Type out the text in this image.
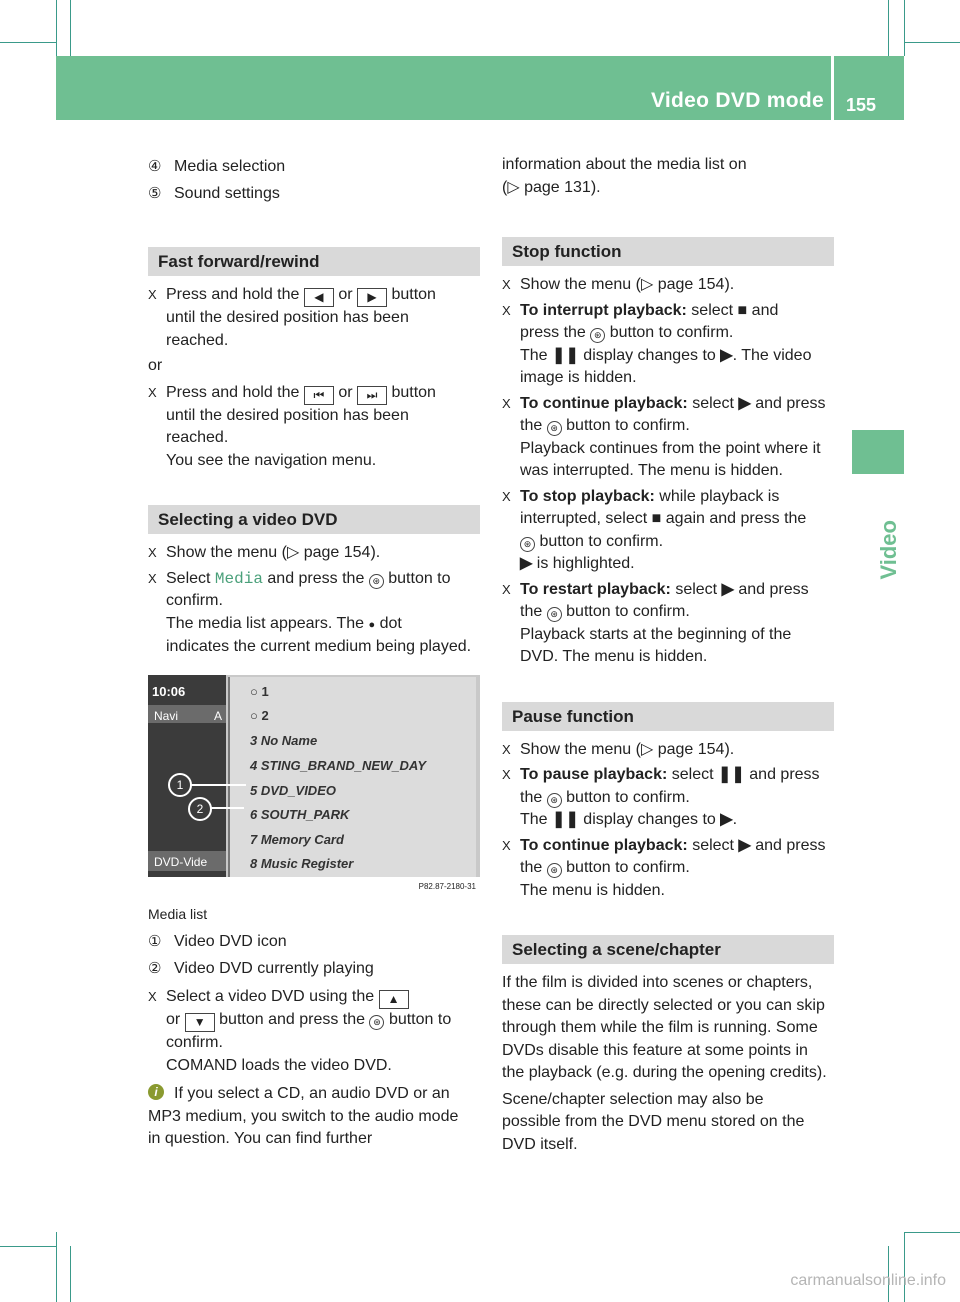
Video DVD mode 155
Video
④ Media selection
⑤ Sound settings
Fast forward/rewind
X Press and hold the ◀ or ▶ button
until the desired position has been
reached.

or

X Press and hold the ⏮ or ⏭ button
until the desired position has been
reached.
You see the navigation menu.
Selecting a video DVD
X Show the menu (▷ page 154).
X Select Media and press the ⊛ button to
confirm.
The media list appears. The ● dot
indicates the current medium being played.
10:06
Navi	A
DVD-Vide
○ 1
○ 2
3 No Name
4 STING_BRAND_NEW_DAY
5 DVD_VIDEO
6 SOUTH_PARK
7 Memory Card
8 Music Register
1
2
P82.87-2180-31
Media list
① Video DVD icon
② Video DVD currently playing
X Select a video DVD using the ▲
or ▼ button and press the ⊛ button to
confirm.
COMAND loads the video DVD.
i	If you select a CD, an audio DVD or an
MP3 medium, you switch to the audio mode
in question. You can find further

information about the media list on
(▷ page 131).

Stop function
X Show the menu (▷ page 154).
X To interrupt playback: select ■ and
press the ⊛ button to confirm.
The ❚❚ display changes to ▶. The video
image is hidden.
X To continue playback: select ▶ and press
the ⊛ button to confirm.
Playback continues from the point where it
was interrupted. The menu is hidden.
X To stop playback: while playback is
interrupted, select ■ again and press the
⊛ button to confirm.
▶ is highlighted.
X To restart playback: select ▶ and press
the ⊛ button to confirm.
Playback starts at the beginning of the
DVD. The menu is hidden.
Pause function
X Show the menu (▷ page 154).
X To pause playback: select ❚❚ and press
the ⊛ button to confirm.
The ❚❚ display changes to ▶.
X To continue playback: select ▶ and press
the ⊛ button to confirm.
The menu is hidden.
Selecting a scene/chapter

If the film is divided into scenes or chapters,
these can be directly selected or you can skip
through them while the film is running. Some
DVDs disable this feature at some points in
the playback (e.g. during the opening credits).

Scene/chapter selection may also be
possible from the DVD menu stored on the
DVD itself.

carmanualsonline.info
